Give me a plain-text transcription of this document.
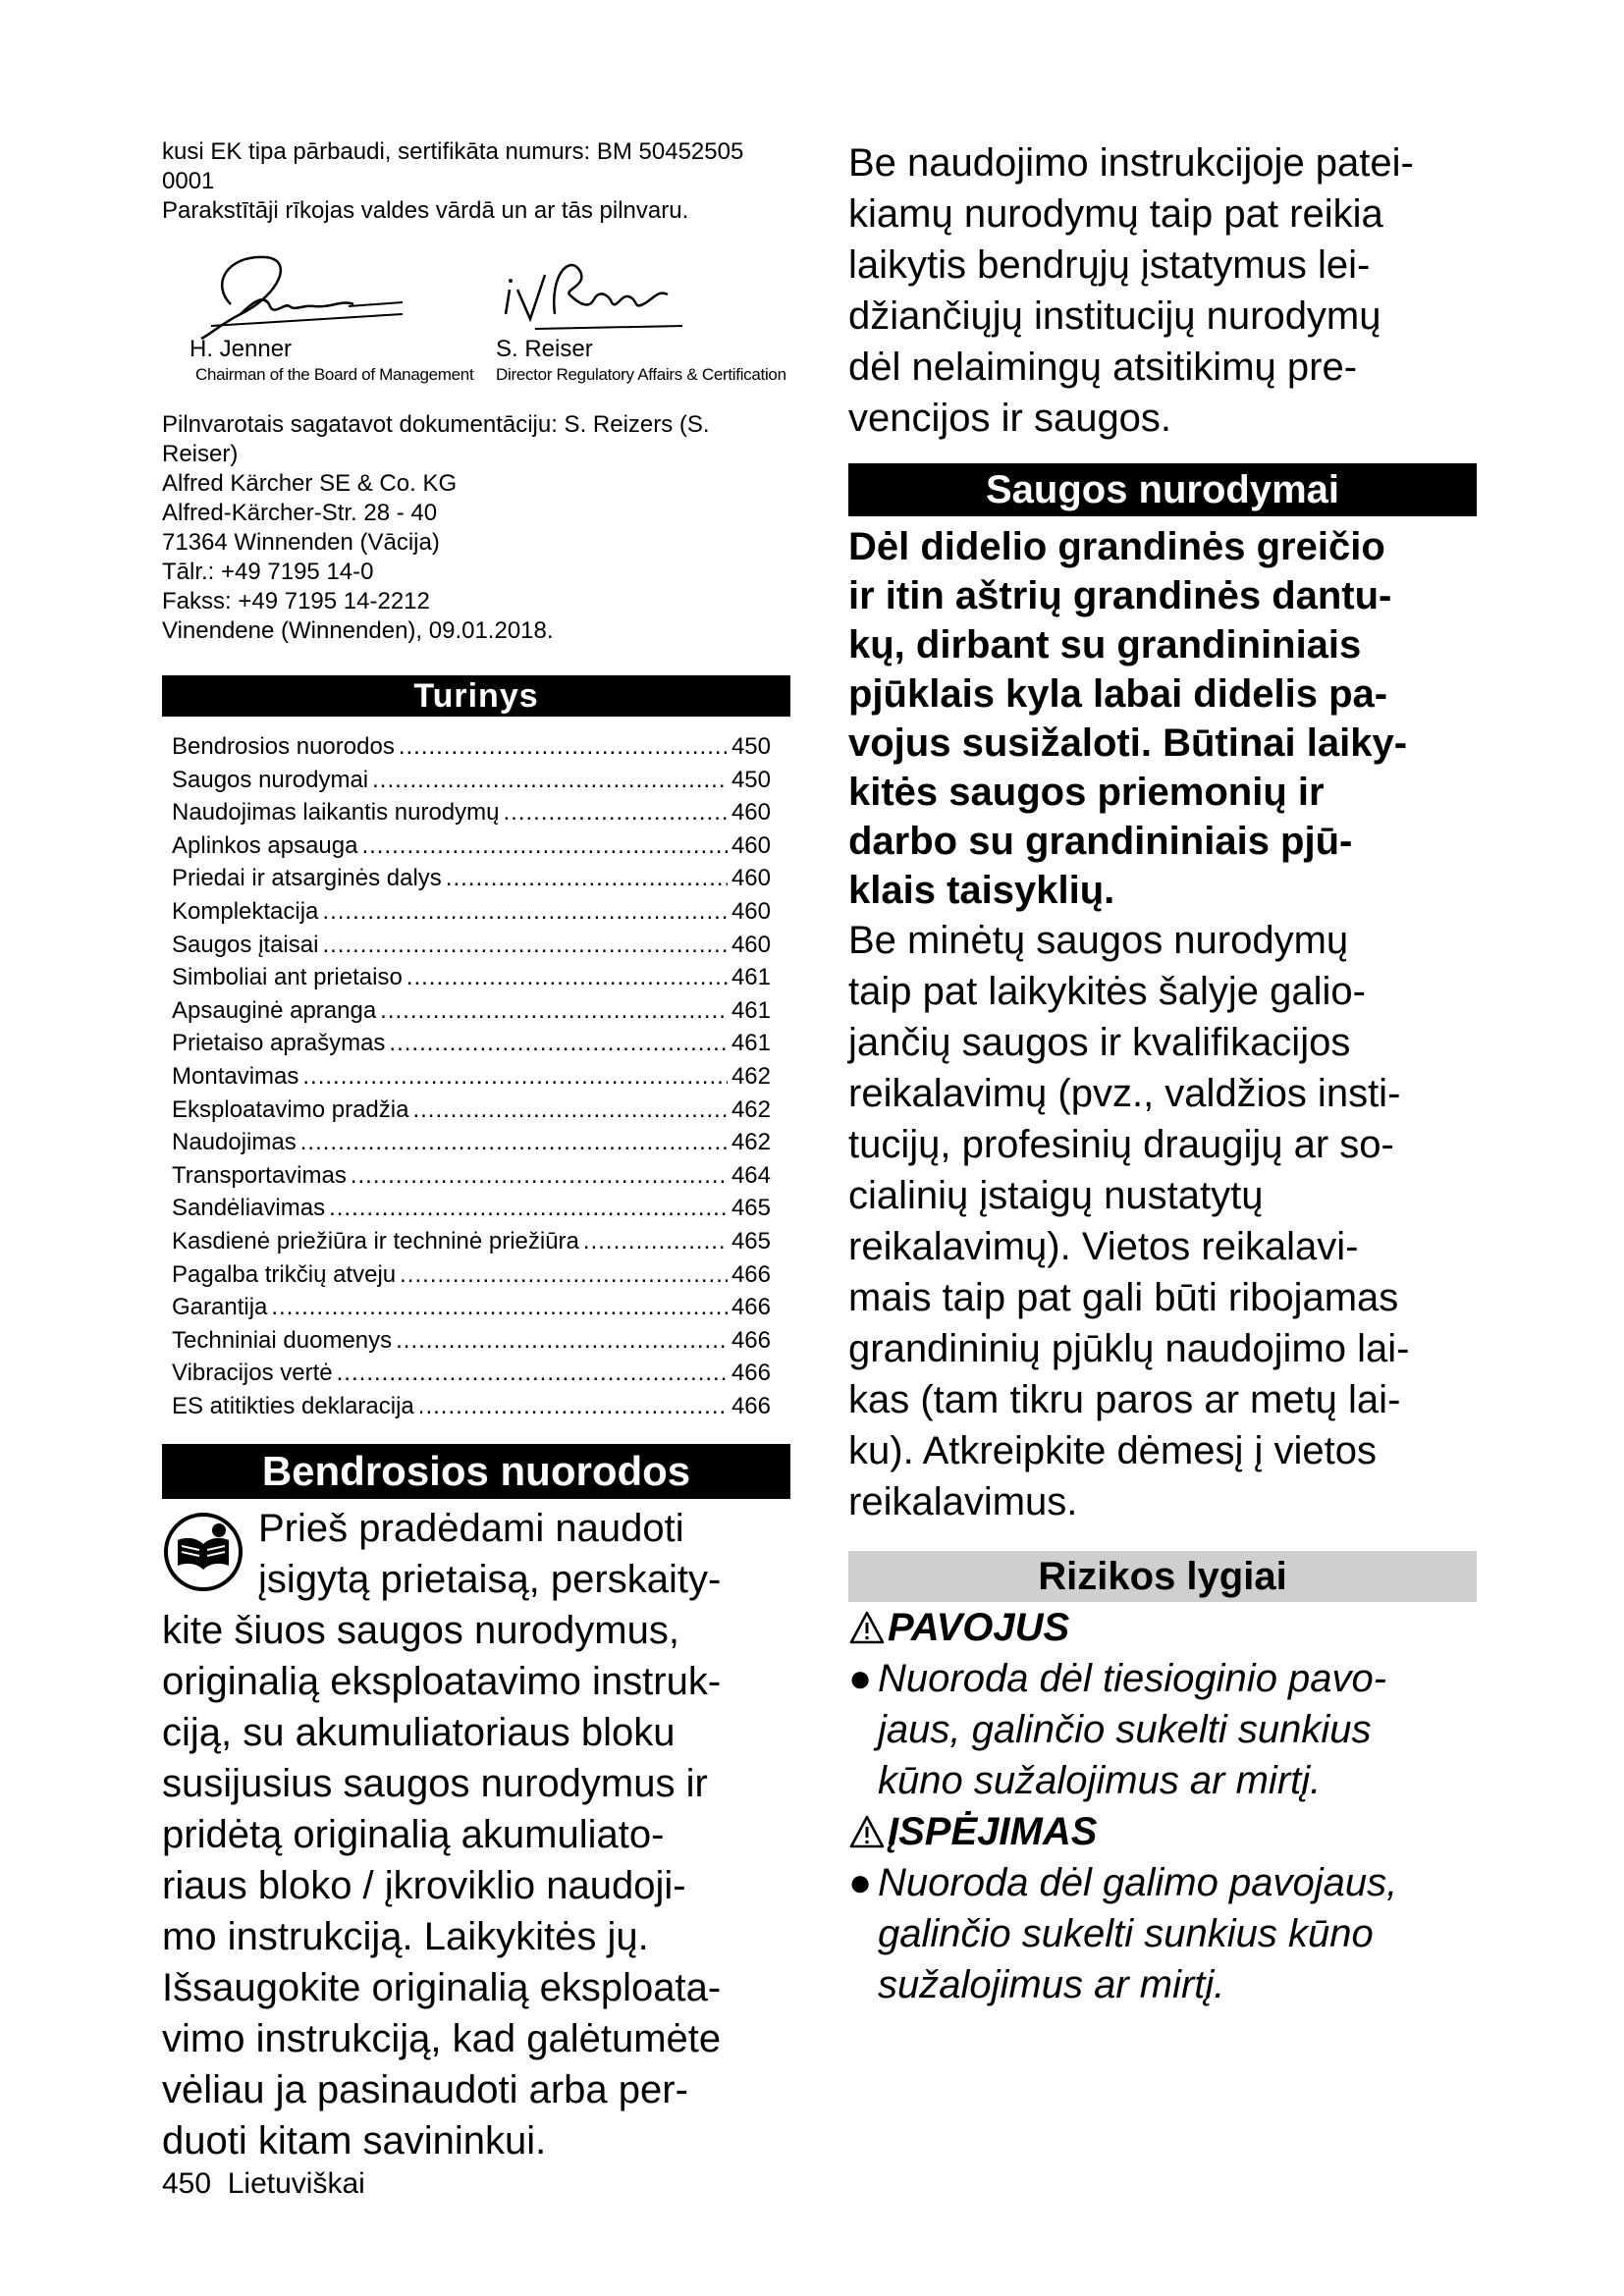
kusi EK tipa pārbaudi, sertifikāta numurs: BM 50452505
0001
Parakstītāji rīkojas valdes vārdā un ar tās pilnvaru.
H. Jenner
Chairman of the Board of Management
S. Reiser
Director Regulatory Affairs & Certification
Pilnvarotais sagatavot dokumentāciju: S. Reizers (S.
Reiser)
Alfred Kärcher SE & Co. KG
Alfred-Kärcher-Str. 28 - 40
71364 Winnenden (Vācija)
Tālr.: +49 7195 14-0
Fakss: +49 7195 14-2212
Vinendene (Winnenden), 09.01.2018.
Turinys
Bendrosios nuorodos .....	450
Saugos nurodymai .....	450
Naudojimas laikantis nurodymų .....	460
Aplinkos apsauga .....	460
Priedai ir atsarginės dalys .....	460
Komplektacija .....	460
Saugos įtaisai .....	460
Simboliai ant prietaiso .....	461
Apsauginė apranga .....	461
Prietaiso aprašymas .....	461
Montavimas .....	462
Eksploatavimo pradžia .....	462
Naudojimas .....	462
Transportavimas .....	464
Sandėliavimas .....	465
Kasdienė priežiūra ir techninė priežiūra .....	465
Pagalba trikčių atveju .....	466
Garantija .....	466
Techniniai duomenys .....	466
Vibracijos vertė .....	466
ES atitikties deklaracija .....	466
Bendrosios nuorodos

Prieš pradėdami naudoti

įsigytą prietaisą, perskaity-

kite šiuos saugos nurodymus,

originalią eksploatavimo instruk-

ciją, su akumuliatoriaus bloku

susijusius saugos nurodymus ir

pridėtą originalią akumuliato-

riaus bloko / įkroviklio naudoji-

mo instrukciją. Laikykitės jų.

Išsaugokite originalią eksploata-

vimo instrukciją, kad galėtumėte

vėliau ja pasinaudoti arba per-

duoti kitam savininkui.

450 Lietuviškai

Be naudojimo instrukcijoje patei-

kiamų nurodymų taip pat reikia

laikytis bendrųjų įstatymus lei-

džiančiųjų institucijų nurodymų

dėl nelaimingų atsitikimų pre-

vencijos ir saugos.

Saugos nurodymai

Dėl didelio grandinės greičio

ir itin aštrių grandinės dantu-

kų, dirbant su grandininiais

pjūklais kyla labai didelis pa-

vojus susižaloti. Būtinai laiky-

kitės saugos priemonių ir

darbo su grandininiais pjū-

klais taisyklių.

Be minėtų saugos nurodymų

taip pat laikykitės šalyje galio-

jančių saugos ir kvalifikacijos

reikalavimų (pvz., valdžios insti-

tucijų, profesinių draugijų ar so-

cialinių įstaigų nustatytų

reikalavimų). Vietos reikalavi-

mais taip pat gali būti ribojamas

grandininių pjūklų naudojimo lai-

kas (tam tikru paros ar metų lai-

ku). Atkreipkite dėmesį į vietos

reikalavimus.

Rizikos lygiai
PAVOJUS
● Nuoroda dėl tiesioginio pavo-
jaus, galinčio sukelti sunkius
kūno sužalojimus ar mirtį.
ĮSPĖJIMAS
● Nuoroda dėl galimo pavojaus,
galinčio sukelti sunkius kūno
sužalojimus ar mirtį.
